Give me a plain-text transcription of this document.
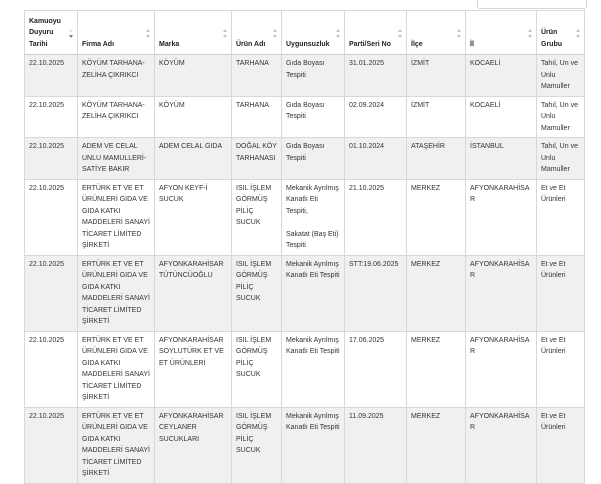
Kamuoyu Duyuru Tarihi	Firma Adı	Marka	Ürün Adı	Uygunsuzluk	Parti/Seri No	İlçe	İl	Ürün Grubu

22.10.2025	KÖYÜM TARHANA-ZELİHA ÇIKRIKCI	KÖYÜM	TARHANA	Gıda Boyası Tespiti	31.01.2025	İZMİT	KOCAELİ	Tahıl, Un ve Unlu Mamuller
22.10.2025	KÖYÜM TARHANA-ZELİHA ÇIKRIKCI	KÖYÜM	TARHANA	Gıda Boyası Tespiti	02.09.2024	İZMİT	KOCAELİ	Tahıl, Un ve Unlu Mamuller
22.10.2025	ADEM VE CELAL UNLU MAMULLERİ-SATİYE BAKIR	ADEM CELAL GIDA	DOĞAL KÖY TARHANASI	Gıda Boyası Tespiti	01.10.2024	ATAŞEHİR	İSTANBUL	Tahıl, Un ve Unlu Mamuller
22.10.2025	ERTÜRK ET VE ET ÜRÜNLERİ GIDA VE GIDA KATKI MADDELERİ SANAYİ TİCARET LİMİTED ŞİRKETİ	AFYON KEYF-İ SUCUK	ISIL İŞLEM GÖRMÜŞ PİLİÇ SUCUK	Mekanik Ayrılmış Kanatlı Eti Tespiti,
Sakatat (Baş Eti) Tespiti	21.10.2025	MERKEZ	AFYONKARAHİSAR	Et ve Et Ürünleri
22.10.2025	ERTÜRK ET VE ET ÜRÜNLERİ GIDA VE GIDA KATKI MADDELERİ SANAYİ TİCARET LİMİTED ŞİRKETİ	AFYONKARAHİSAR TÜTÜNCÜOĞLU	ISIL İŞLEM GÖRMÜŞ PİLİÇ SUCUK	Mekanik Ayrılmış Kanatlı Eti Tespiti	STT:19.06.2025	MERKEZ	AFYONKARAHİSAR	Et ve Et Ürünleri
22.10.2025	ERTÜRK ET VE ET ÜRÜNLERİ GIDA VE GIDA KATKI MADDELERİ SANAYİ TİCARET LİMİTED ŞİRKETİ	AFYONKARAHİSAR SOYLUTÜRK ET VE ET ÜRÜNLERİ	ISIL İŞLEM GÖRMÜŞ PİLİÇ SUCUK	Mekanik Ayrılmış Kanatlı Eti Tespiti	17.06.2025	MERKEZ	AFYONKARAHİSAR	Et ve Et Ürünleri
22.10.2025	ERTÜRK ET VE ET ÜRÜNLERİ GIDA VE GIDA KATKI MADDELERİ SANAYİ TİCARET LİMİTED ŞİRKETİ	AFYONKARAHİSAR CEYLANER SUCUKLARI	ISIL İŞLEM GÖRMÜŞ PİLİÇ SUCUK	Mekanik Ayrılmış Kanatlı Eti Tespiti	11.09.2025	MERKEZ	AFYONKARAHİSAR	Et ve Et Ürünleri
